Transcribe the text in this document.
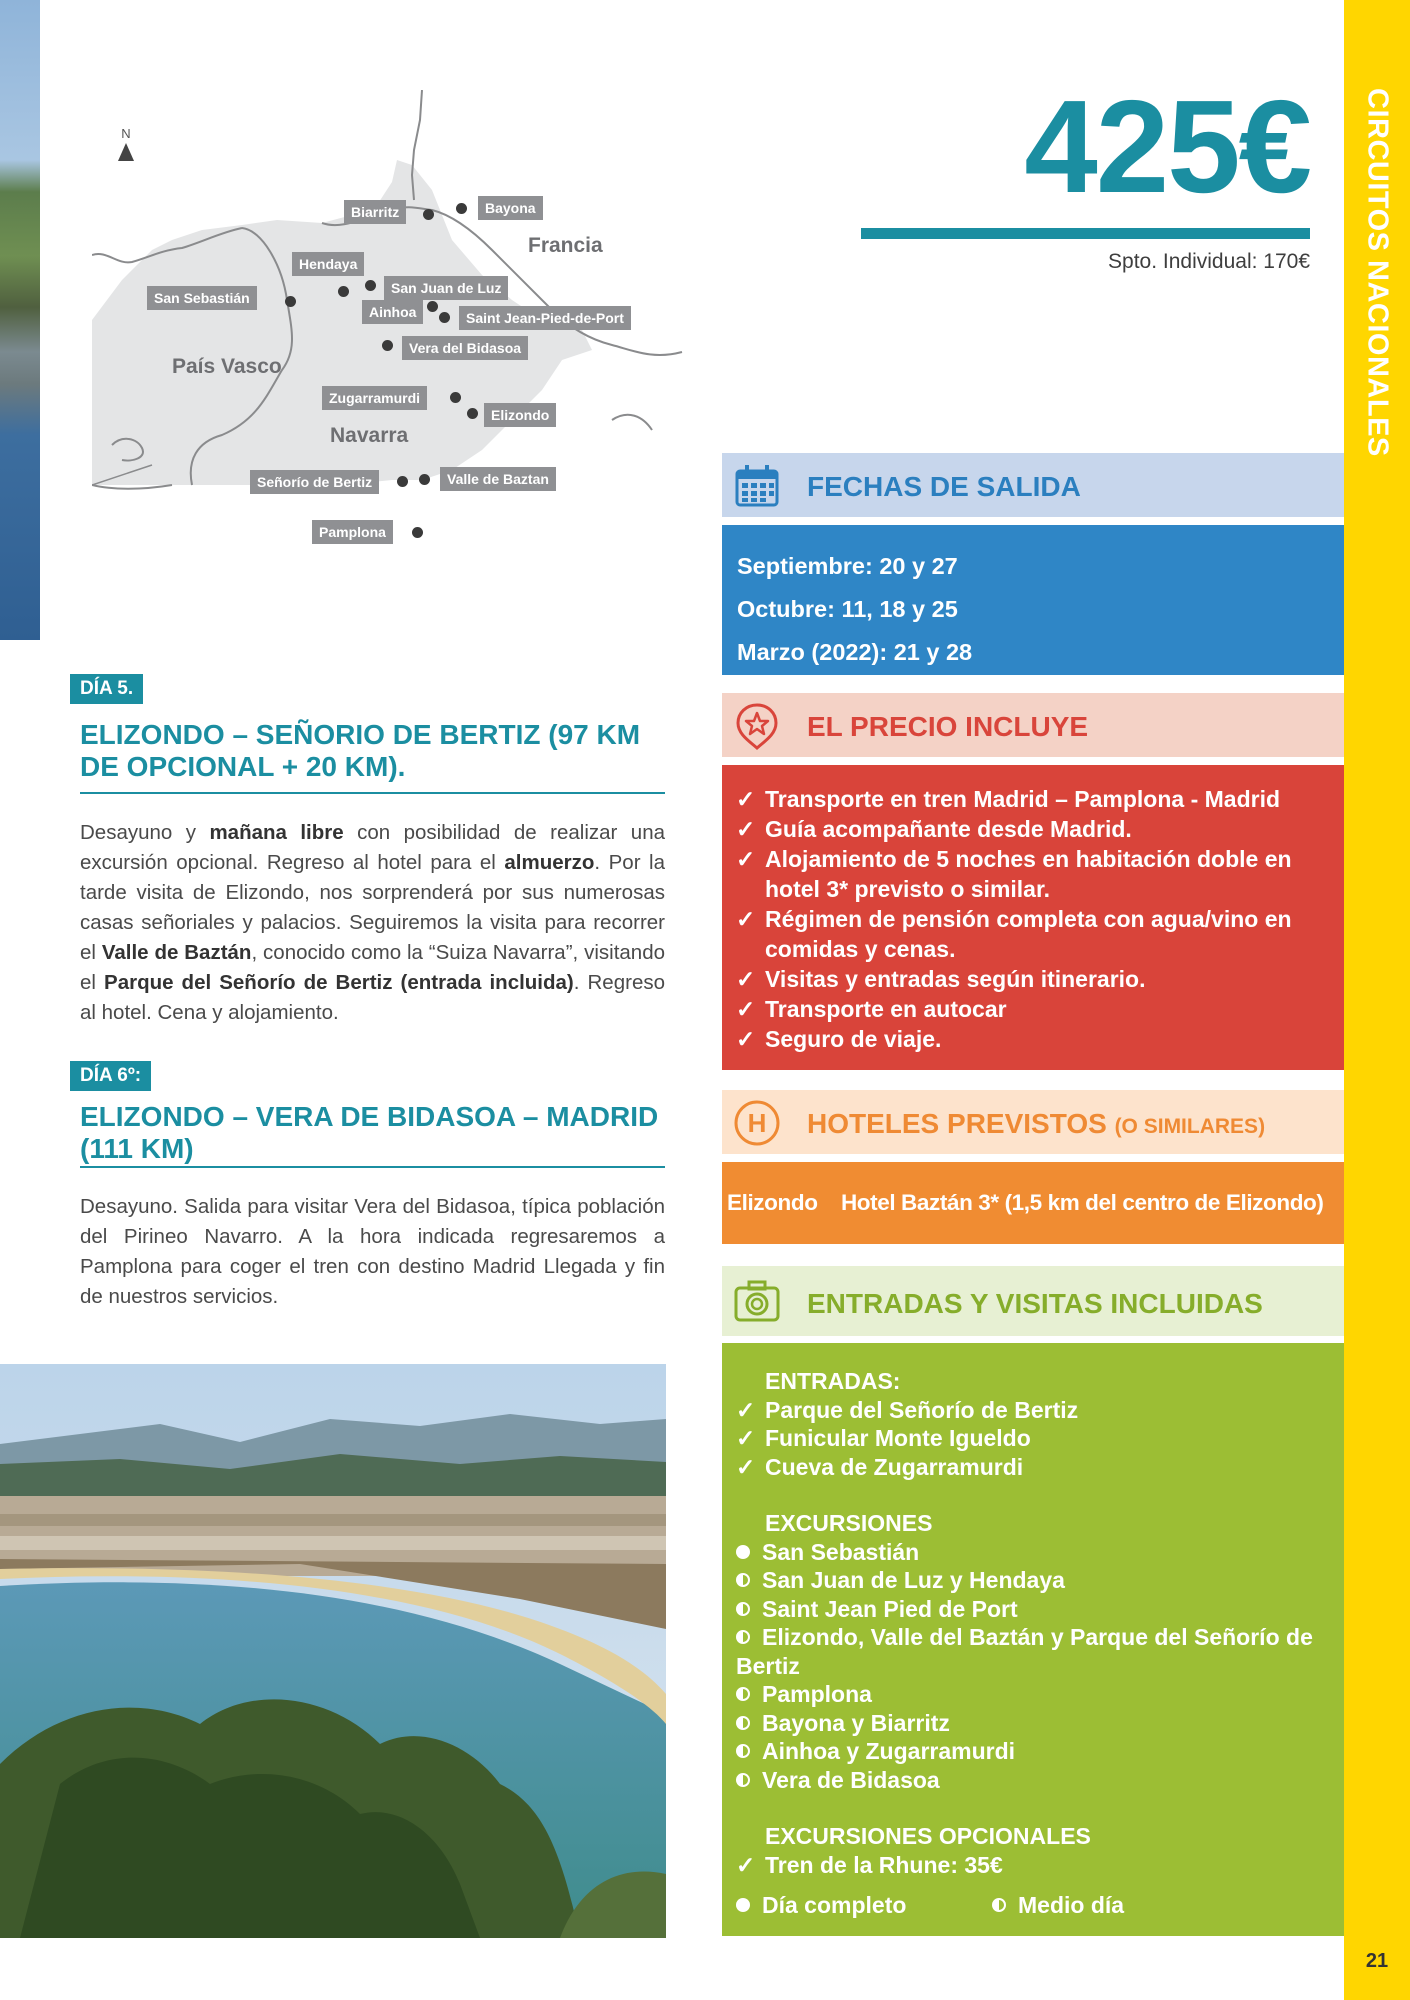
CIRCUITOS NACIONALES
21
N
Francia
País Vasco
Navarra
Biarritz	Bayona
Hendaya
San Sebastián
San Juan de Luz
Ainhoa	Saint Jean-Pied-de-Port
Vera del Bidasoa
Zugarramurdi
Elizondo
Señorío de Bertiz	Valle de Baztan
Pamplona
425€
Spto. Individual: 170€
DÍA 5.
ELIZONDO – SEÑORIO DE BERTIZ (97 KM DE OPCIONAL + 20 KM).
Desayuno y mañana libre con posibilidad de realizar una excursión opcional. Regreso al hotel para el almuerzo. Por la tarde visita de Elizondo, nos sorprenderá por sus numerosas casas señoriales y palacios. Seguiremos la visita para recorrer el Valle de Baztán, conocido como la “Suiza Navarra”, visitando el Parque del Señorío de Bertiz (entrada incluida). Regreso al hotel. Cena y alojamiento.
DÍA 6º:
ELIZONDO – VERA DE BIDASOA – MADRID (111 KM)
Desayuno. Salida para visitar Vera del Bidasoa, típica población del Pirineo Navarro. A la hora indicada regresaremos a Pamplona para coger el tren con destino Madrid Llegada y fin de nuestros servicios.
FECHAS DE SALIDA
Septiembre: 20 y 27
Octubre: 11, 18 y 25
Marzo (2022): 21 y 28
EL PRECIO INCLUYE
✓ Transporte en tren Madrid – Pamplona - Madrid
✓ Guía acompañante desde Madrid.
✓ Alojamiento de 5 noches en habitación doble en hotel 3* previsto o similar.
✓ Régimen de pensión completa con agua/vino en comidas y cenas.
✓ Visitas y entradas según itinerario.
✓ Transporte en autocar
✓ Seguro de viaje.
H HOTELES PREVISTOS (O SIMILARES)
Elizondo Hotel Baztán 3* (1,5 km del centro de Elizondo)
ENTRADAS Y VISITAS INCLUIDAS
ENTRADAS:
✓ Parque del Señorío de Bertiz
✓ Funicular Monte Igueldo
✓ Cueva de Zugarramurdi
EXCURSIONES
San Sebastián
San Juan de Luz y Hendaya
Saint Jean Pied de Port
Elizondo, Valle del Baztán y Parque del Señorío de Bertiz
Pamplona
Bayona y Biarritz
Ainhoa y Zugarramurdi
Vera de Bidasoa
EXCURSIONES OPCIONALES
✓ Tren de la Rhune: 35€
Día completo	Medio día
